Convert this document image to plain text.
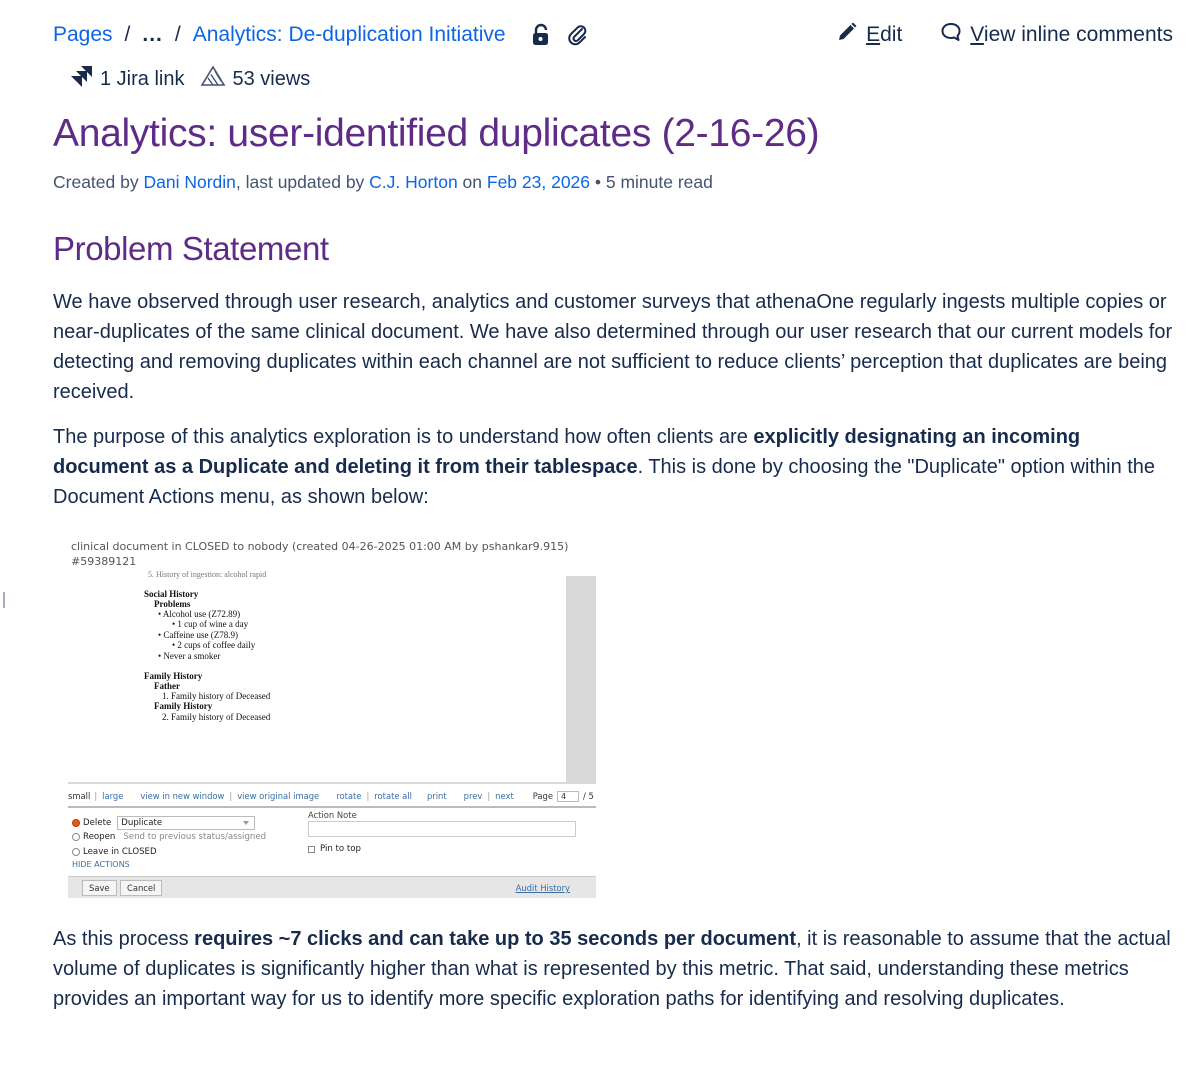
Pages / ... / Analytics: De-duplication Initiative	Edit	View inline comments
1 Jira link 53 views
Analytics: user-identified duplicates (2-16-26)
Created by Dani Nordin, last updated by C.J. Horton on Feb 23, 2026 • 5 minute read
Problem Statement

We have observed through user research, analytics and customer surveys that athenaOne regularly ingests multiple copies or near-duplicates of the same clinical document. We have also determined through our user research that our current models for detecting and removing duplicates within each channel are not sufficient to reduce clients’ perception that duplicates are being received.

The purpose of this analytics exploration is to understand how often clients are explicitly designating an incoming document as a Duplicate and deleting it from their tablespace. This is done by choosing the "Duplicate" option within the Document Actions menu, as shown below:

clinical document in CLOSED to nobody (created 04-26-2025 01:00 AM by pshankar9.915)
#59389121
5. History of ingestion: alcohol rapid
Social History
Problems
• Alcohol use (Z72.89)
• 1 cup of wine a day
• Caffeine use (Z78.9)
• 2 cups of coffee daily
• Never a smoker
Family History
Father
1. Family history of Deceased
Family History
2. Family history of Deceased
small | large view in new window | view original image rotate | rotate all print prev | next Page	4	/ 5
Delete	Duplicate
Reopen Send to previous status/assigned
Leave in CLOSED
HIDE ACTIONS
Action Note
Pin to top
Save	Cancel	Audit History

As this process requires ~7 clicks and can take up to 35 seconds per document, it is reasonable to assume that the actual volume of duplicates is significantly higher than what is represented by this metric. That said, understanding these metrics provides an important way for us to identify more specific exploration paths for identifying and resolving duplicates.
